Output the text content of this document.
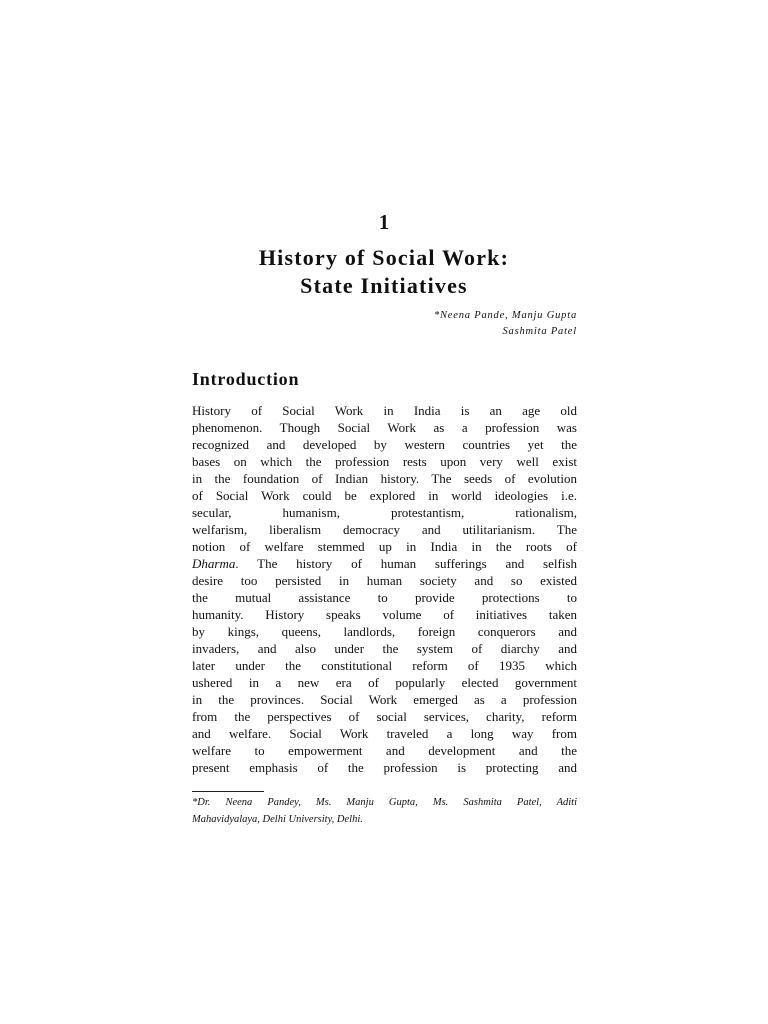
1
History of Social Work:
State Initiatives
*Neena Pande, Manju Gupta
Sashmita Patel
Introduction
History of Social Work in India is an age old
phenomenon. Though Social Work as a profession was
recognized and developed by western countries yet the
bases on which the profession rests upon very well exist
in the foundation of Indian history. The seeds of evolution
of Social Work could be explored in world ideologies i.e.
secular, humanism, protestantism, rationalism,
welfarism, liberalism democracy and utilitarianism. The
notion of welfare stemmed up in India in the roots of
Dharma. The history of human sufferings and selfish
desire too persisted in human society and so existed
the mutual assistance to provide protections to
humanity. History speaks volume of initiatives taken
by kings, queens, landlords, foreign conquerors and
invaders, and also under the system of diarchy and
later under the constitutional reform of 1935 which
ushered in a new era of popularly elected government
in the provinces. Social Work emerged as a profession
from the perspectives of social services, charity, reform
and welfare. Social Work traveled a long way from
welfare to empowerment and development and the
present emphasis of the profession is protecting and
*Dr. Neena Pandey, Ms. Manju Gupta, Ms. Sashmita Patel, Aditi
Mahavidyalaya, Delhi University, Delhi.
